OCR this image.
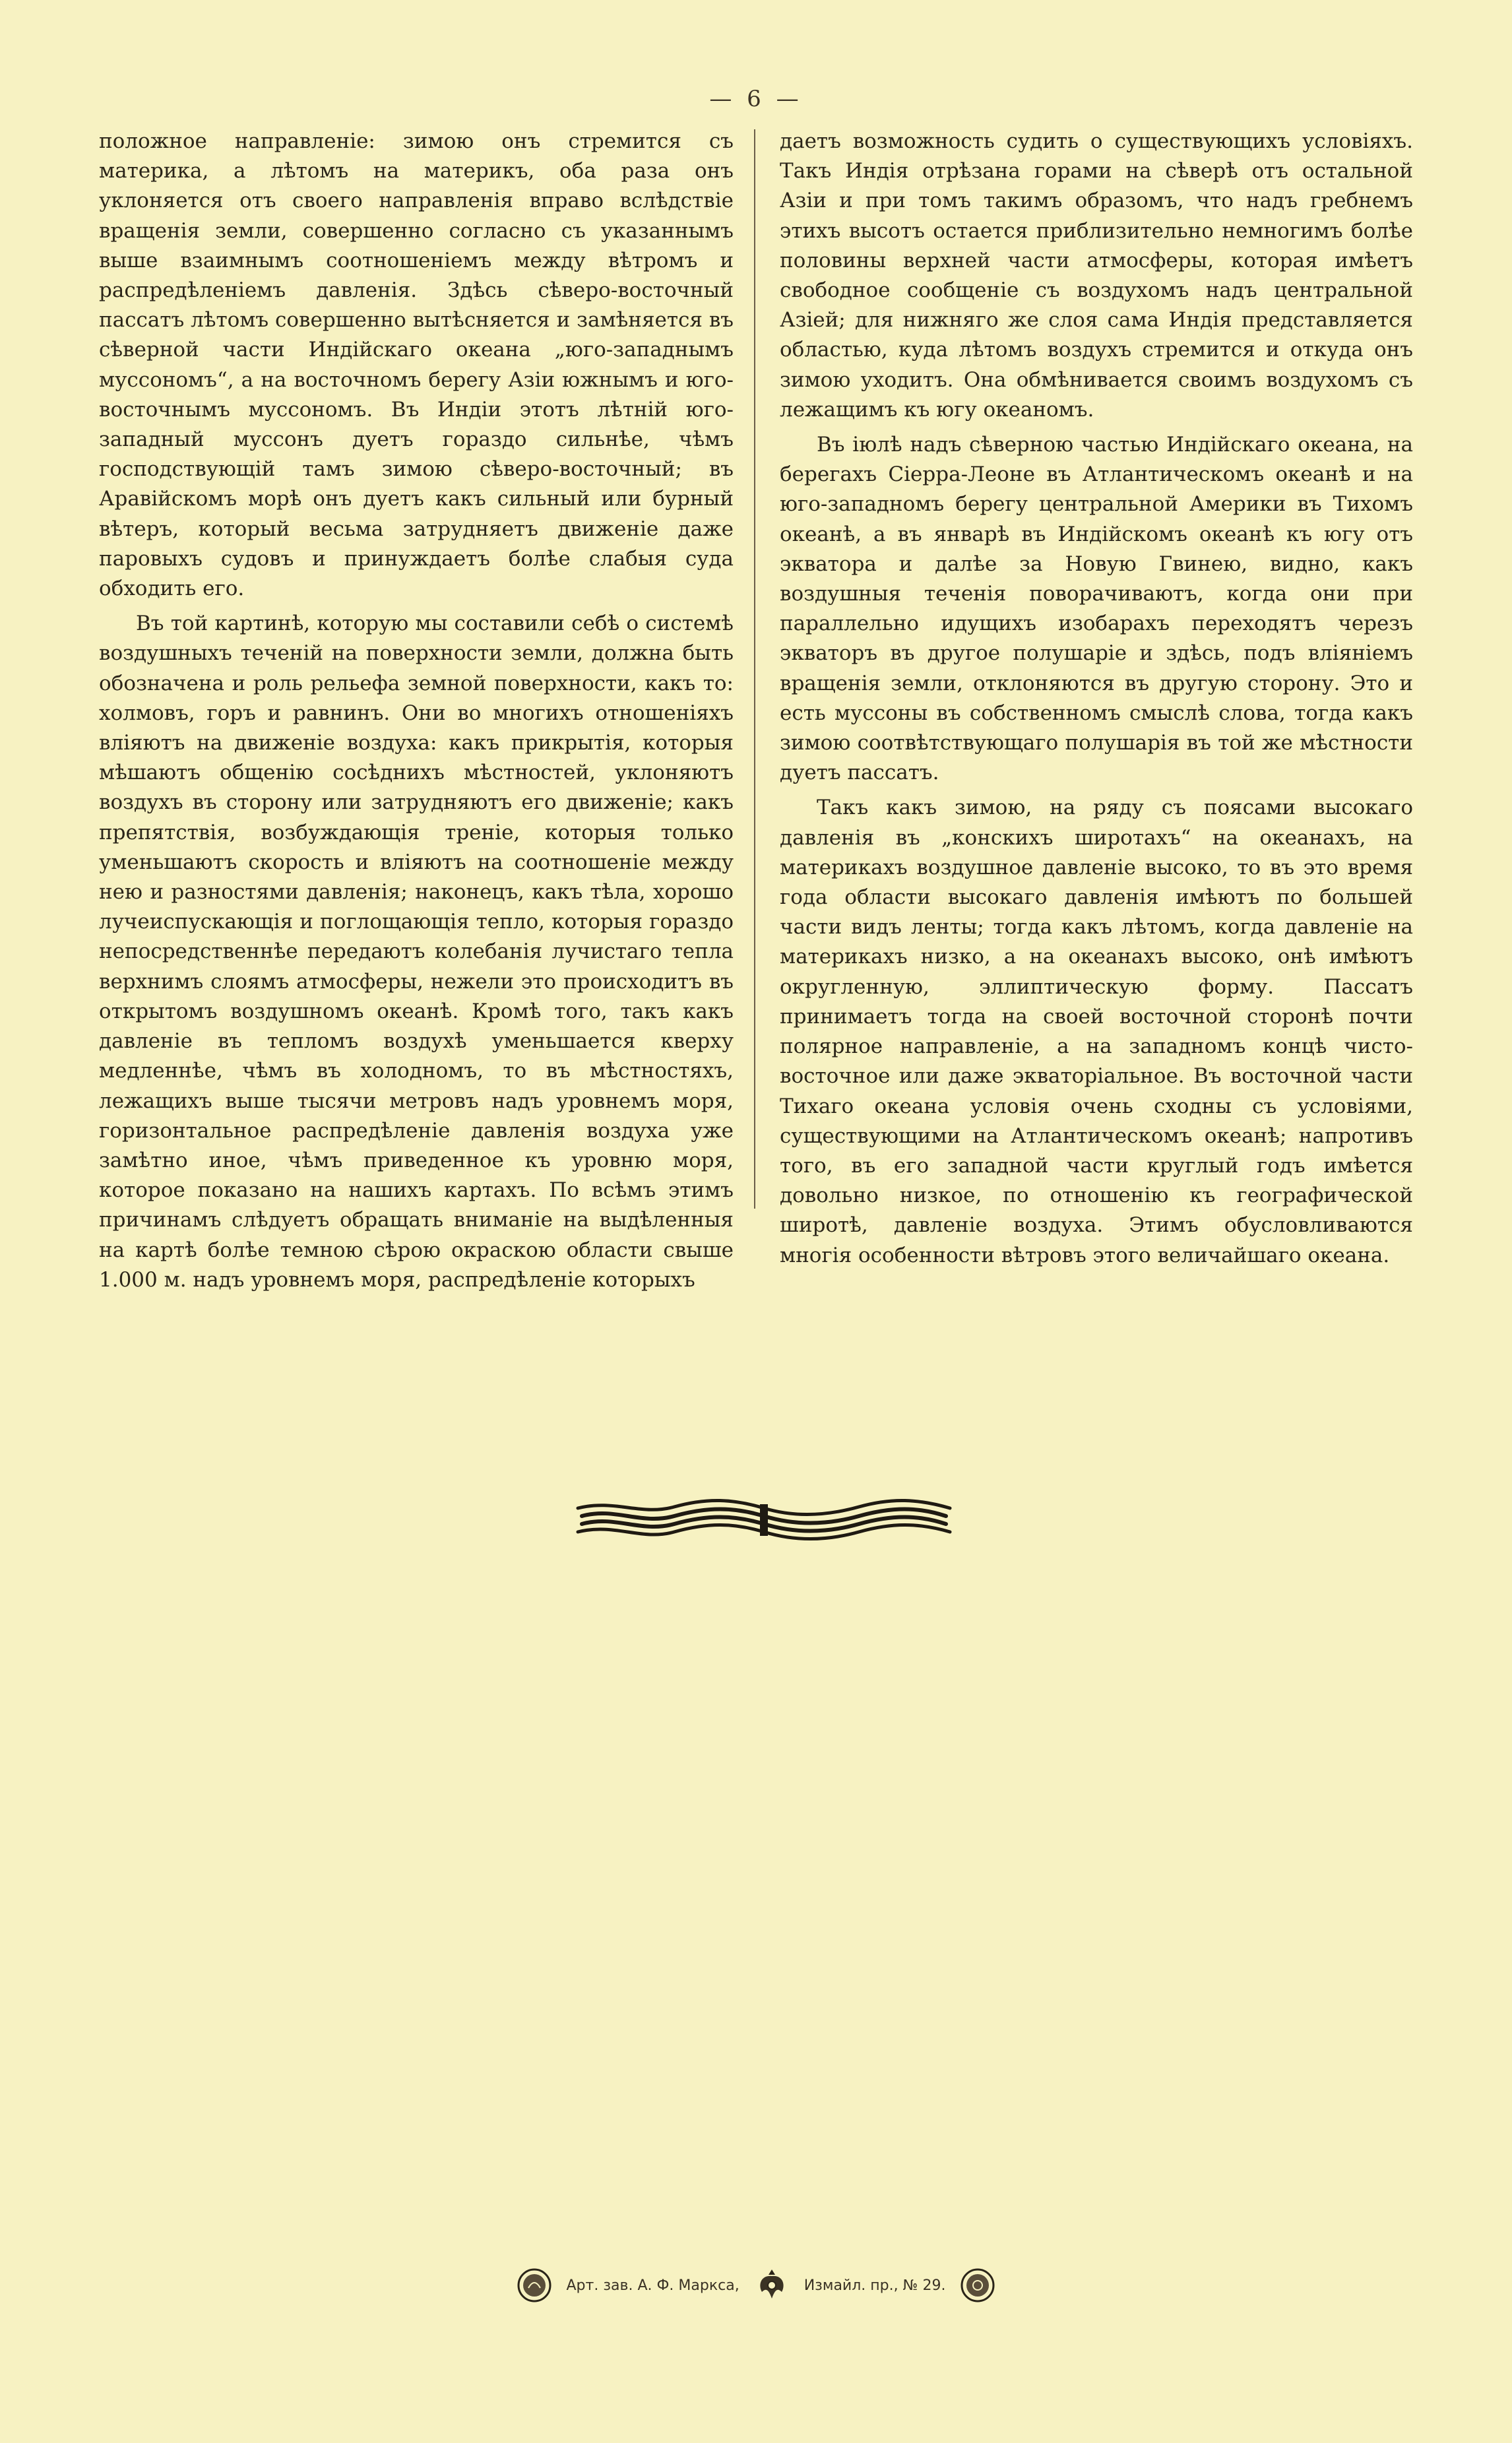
— 6 —

положное направленіе: зимою онъ стремится съ материка, а лѣтомъ на материкъ, оба раза онъ уклоняется отъ своего направленія вправо вслѣдствіе вращенія земли, совершенно согласно съ указаннымъ выше взаимнымъ соотношеніемъ между вѣтромъ и распредѣленіемъ давленія. Здѣсь сѣверо-восточный пассатъ лѣтомъ совершенно вытѣсняется и замѣняется въ сѣверной части Индійскаго океана „юго-западнымъ муссономъ“, а на восточномъ берегу Азіи южнымъ и юго-восточнымъ муссономъ. Въ Индіи этотъ лѣтній юго-западный муссонъ дуетъ гораздо сильнѣе, чѣмъ господствующій тамъ зимою сѣверо-восточный; въ Аравійскомъ морѣ онъ дуетъ какъ сильный или бурный вѣтеръ, который весьма затрудняетъ движеніе даже паровыхъ судовъ и принуждаетъ болѣе слабыя суда обходить его.

Въ той картинѣ, которую мы составили себѣ о системѣ воздушныхъ теченій на поверхности земли, должна быть обозначена и роль рельефа земной поверхности, какъ то: холмовъ, горъ и равнинъ. Они во многихъ отношеніяхъ вліяютъ на движеніе воздуха: какъ прикрытія, которыя мѣшаютъ общенію сосѣднихъ мѣстностей, уклоняютъ воздухъ въ сторону или затрудняютъ его движеніе; какъ препятствія, возбуждающія треніе, которыя только уменьшаютъ скорость и вліяютъ на соотношеніе между нею и разностями давленія; наконецъ, какъ тѣла, хорошо лучеиспускающія и поглощающія тепло, которыя гораздо непосредственнѣе передаютъ колебанія лучистаго тепла верхнимъ слоямъ атмосферы, нежели это происходитъ въ открытомъ воздушномъ океанѣ. Кромѣ того, такъ какъ давленіе въ тепломъ воздухѣ уменьшается кверху медленнѣе, чѣмъ въ холодномъ, то въ мѣстностяхъ, лежащихъ выше тысячи метровъ надъ уровнемъ моря, горизонтальное распредѣленіе давленія воздуха уже замѣтно иное, чѣмъ приведенное къ уровню моря, которое показано на нашихъ картахъ. По всѣмъ этимъ причинамъ слѣдуетъ обращать вниманіе на выдѣленныя на картѣ болѣе темною сѣрою окраскою области свыше 1.000 м. надъ уровнемъ моря, распредѣленіе которыхъ

даетъ возможность судить о существующихъ условіяхъ. Такъ Индія отрѣзана горами на сѣверѣ отъ остальной Азіи и при томъ такимъ образомъ, что надъ гребнемъ этихъ высотъ остается приблизительно немногимъ болѣе половины верхней части атмосферы, которая имѣетъ свободное сообщеніе съ воздухомъ надъ центральной Азіей; для нижняго же слоя сама Индія представляется областью, куда лѣтомъ воздухъ стремится и откуда онъ зимою уходитъ. Она обмѣнивается своимъ воздухомъ съ лежащимъ къ югу океаномъ.

Въ іюлѣ надъ сѣверною частью Индійскаго океана, на берегахъ Сіерра-Леоне въ Атлантическомъ океанѣ и на юго-западномъ берегу центральной Америки въ Тихомъ океанѣ, а въ январѣ въ Индійскомъ океанѣ къ югу отъ экватора и далѣе за Новую Гвинею, видно, какъ воздушныя теченія поворачиваютъ, когда они при параллельно идущихъ изобарахъ переходятъ черезъ экваторъ въ другое полушаріе и здѣсь, подъ вліяніемъ вращенія земли, отклоняются въ другую сторону. Это и есть муссоны въ собственномъ смыслѣ слова, тогда какъ зимою соотвѣтствующаго полушарія въ той же мѣстности дуетъ пассатъ.

Такъ какъ зимою, на ряду съ поясами высокаго давленія въ „конскихъ широтахъ“ на океанахъ, на материкахъ воздушное давленіе высоко, то въ это время года области высокаго давленія имѣютъ по большей части видъ ленты; тогда какъ лѣтомъ, когда давленіе на материкахъ низко, а на океанахъ высоко, онѣ имѣютъ округленную, эллиптическую форму. Пассатъ принимаетъ тогда на своей восточной сторонѣ почти полярное направленіе, а на западномъ концѣ чисто-восточное или даже экваторіальное. Въ восточной части Тихаго океана условія очень сходны съ условіями, существующими на Атлантическомъ океанѣ; напротивъ того, въ его западной части круглый годъ имѣется довольно низкое, по отношенію къ географической широтѣ, давленіе воздуха. Этимъ обусловливаются многія особенности вѣтровъ этого величайшаго океана.

Арт. зав. А. Ф. Маркса,	Измайл. пр., № 29.
